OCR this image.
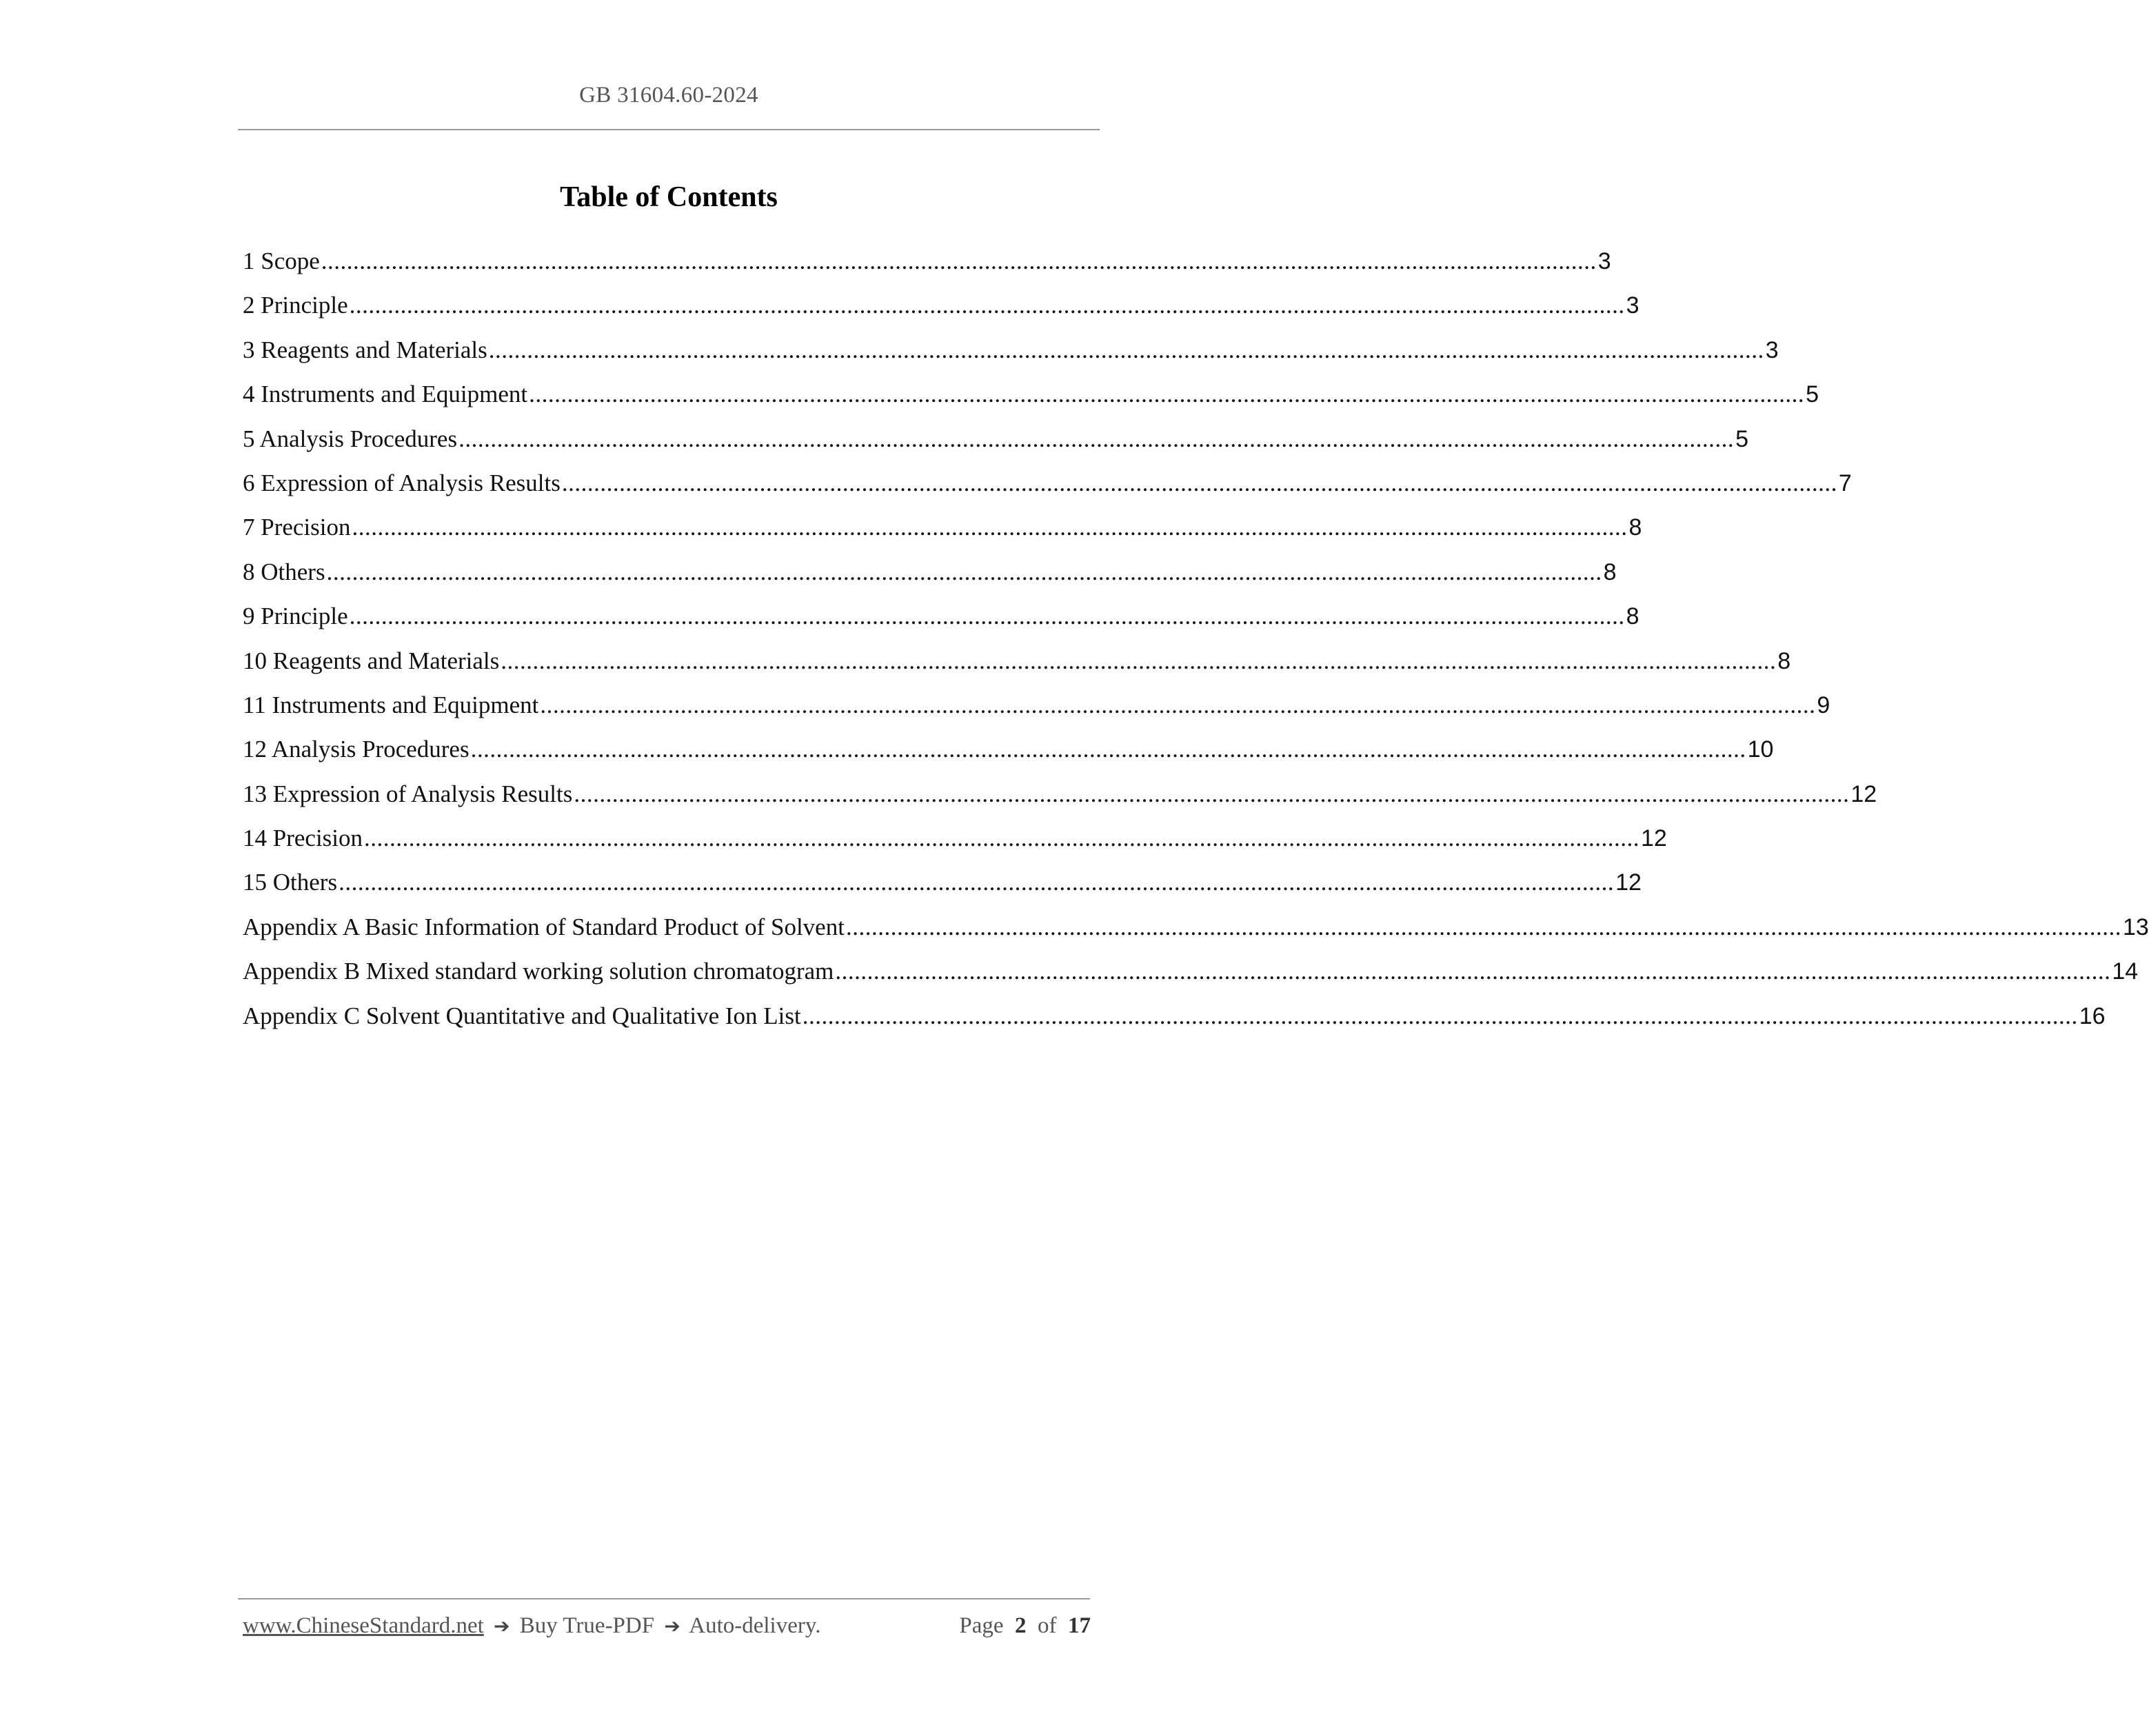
GB 31604.60-2024
Table of Contents
1 Scope ........................................................................................................................................................................................................ 3
2 Principle ........................................................................................................................................................................................................ 3
3 Reagents and Materials ........................................................................................................................................................................................................ 3
4 Instruments and Equipment ........................................................................................................................................................................................................ 5
5 Analysis Procedures ........................................................................................................................................................................................................ 5
6 Expression of Analysis Results ........................................................................................................................................................................................................ 7
7 Precision ........................................................................................................................................................................................................ 8
8 Others ........................................................................................................................................................................................................ 8
9 Principle ........................................................................................................................................................................................................ 8
10 Reagents and Materials ........................................................................................................................................................................................................ 8
11 Instruments and Equipment ........................................................................................................................................................................................................ 9
12 Analysis Procedures ........................................................................................................................................................................................................ 10
13 Expression of Analysis Results ........................................................................................................................................................................................................ 12
14 Precision ........................................................................................................................................................................................................ 12
15 Others ........................................................................................................................................................................................................ 12
Appendix A Basic Information of Standard Product of Solvent ........................................................................................................................................................................................................ 13
Appendix B Mixed standard working solution chromatogram ........................................................................................................................................................................................................ 14
Appendix C Solvent Quantitative and Qualitative Ion List ........................................................................................................................................................................................................ 16
www.ChineseStandard.net ➔ Buy True-PDF ➔ Auto-delivery.	Page 2 of 17
